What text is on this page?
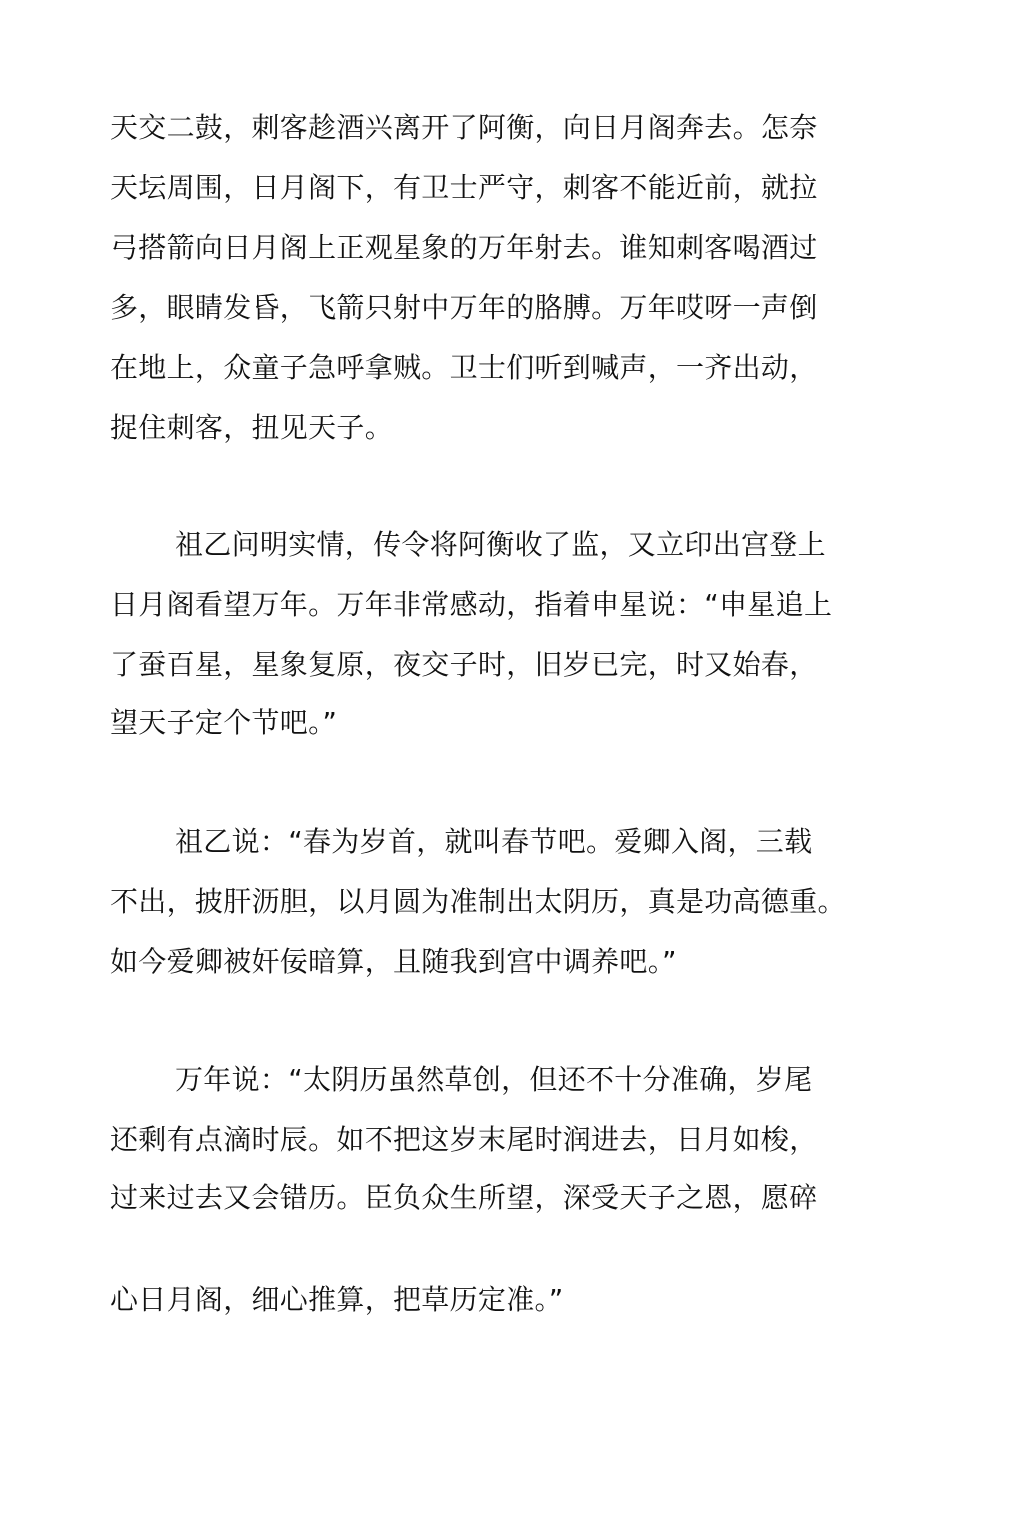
天交二鼓，刺客趁酒兴离开了阿衡，向日月阁奔去。怎奈
天坛周围，日月阁下，有卫士严守，刺客不能近前，就拉
弓搭箭向日月阁上正观星象的万年射去。谁知刺客喝酒过
多，眼睛发昏，飞箭只射中万年的胳膊。万年哎呀一声倒
在地上，众童子急呼拿贼。卫士们听到喊声，一齐出动，
捉住刺客，扭见天子。
祖乙问明实情，传令将阿衡收了监，又立印出宫登上
日月阁看望万年。万年非常感动，指着申星说：“申星追上
了蚕百星，星象复原，夜交子时，旧岁已完，时又始春，
望天子定个节吧。”
祖乙说：“春为岁首，就叫春节吧。爱卿入阁，三载
不出，披肝沥胆，以月圆为准制出太阴历，真是功高德重。
如今爱卿被奸佞暗算，且随我到宫中调养吧。”
万年说：“太阴历虽然草创，但还不十分准确，岁尾
还剩有点滴时辰。如不把这岁末尾时润进去，日月如梭，
过来过去又会错历。臣负众生所望，深受天子之恩，愿碎
心日月阁，细心推算，把草历定准。”
